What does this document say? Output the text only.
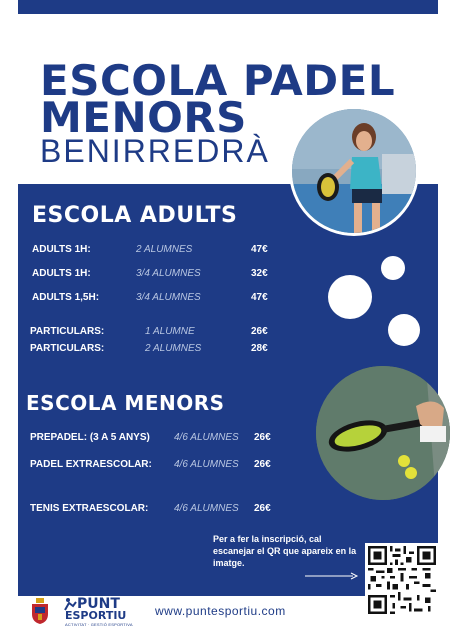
ESCOLA PADEL
MENORS
BENIRREDRÀ
ESCOLA ADULTS
ADULTS 1H:	2 ALUMNES	47€
ADULTS 1H:	3/4 ALUMNES	32€
ADULTS 1,5H:	3/4 ALUMNES	47€
PARTICULARS:	1 ALUMNE	26€
PARTICULARS:	2 ALUMNES	28€
ESCOLA MENORS
PREPADEL: (3 A 5 ANYS) 4/6 ALUMNES 26€
PADEL EXTRAESCOLAR: 4/6 ALUMNES 26€
TENIS EXTRAESCOLAR:	4/6 ALUMNES 26€
Per a fer la inscripció, cal escanejar el QR que apareix en la imatge.
PUNT
ESPORTIU
ACTIVITAT · GESTIÓ ESPORTIVA
www.puntesportiu.com
